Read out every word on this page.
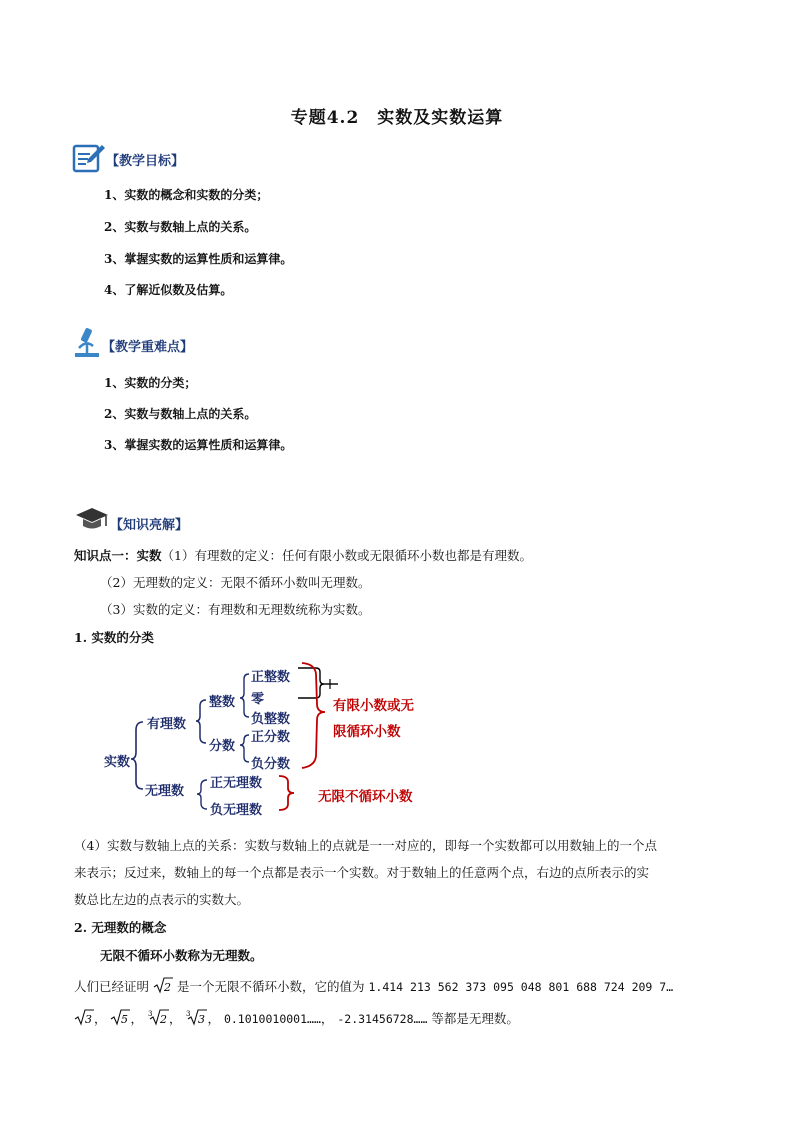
专题4.2　实数及实数运算
【教学目标】
1、实数的概念和实数的分类；
2、实数与数轴上点的关系。
3、掌握实数的运算性质和运算律。
4、了解近似数及估算。
【教学重难点】
1、实数的分类；
2、实数与数轴上点的关系。
3、掌握实数的运算性质和运算律。
【知识亮解】
知识点一：实数（1）有理数的定义：任何有限小数或无限循环小数也都是有理数。
（2）无理数的定义：无限不循环小数叫无理数。
（3）实数的定义：有理数和无理数统称为实数。
1. 实数的分类
实数
有理数
无理数
整数
分数
正整数
零
负整数
正分数
负分数
正无理数
负无理数
有限小数或无
限循环小数
无限不循环小数
（4）实数与数轴上点的关系：实数与数轴上的点就是一一对应的，即每一个实数都可以用数轴上的一个点
来表示；反过来，数轴上的每一个点都是表示一个实数。对于数轴上的任意两个点，右边的点所表示的实
数总比左边的点表示的实数大。
2. 无理数的概念
无限不循环小数称为无理数。
人们已经证明 2 是一个无限不循环小数，它的值为 1.414 213 562 373 095 048 801 688 724 209 7…
3 ， 5 ， 3 2 ， 3 3 ， 0.1010010001……， -2.31456728…… 等都是无理数。
